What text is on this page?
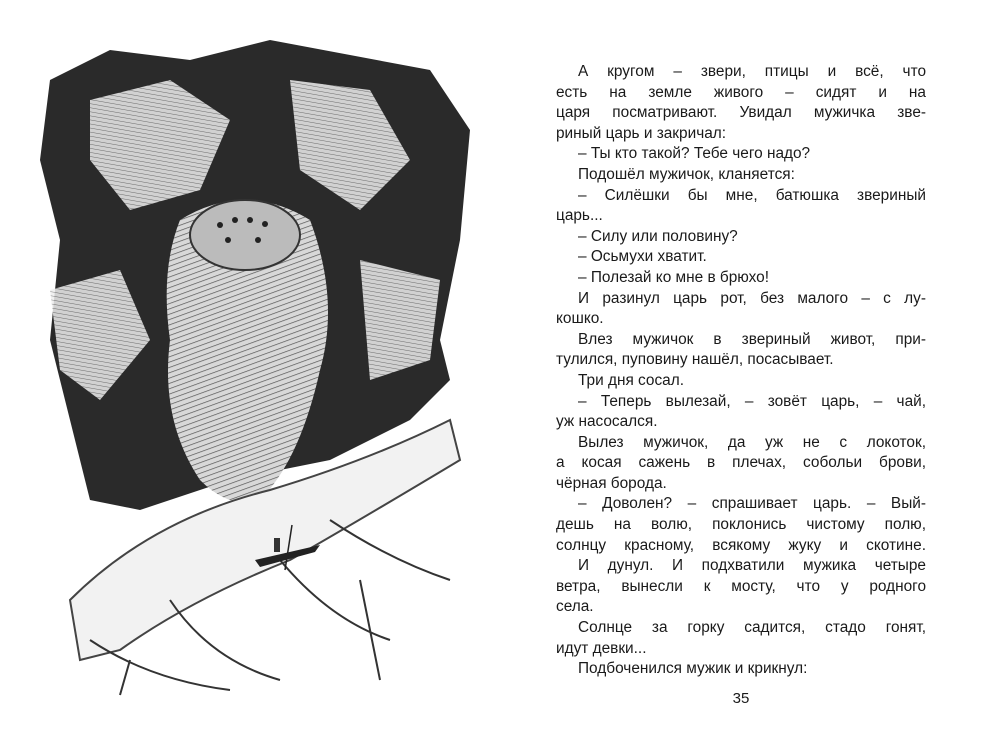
А кругом – звери, птицы и всё, что
есть на земле живого – сидят и на
царя посматривают. Увидал мужичка зве-
риный царь и закричал:
– Ты кто такой? Тебе чего надо?
Подошёл мужичок, кланяется:
– Силёшки бы мне, батюшка звериный
царь...
– Силу или половину?
– Осьмухи хватит.
– Полезай ко мне в брюхо!
И разинул царь рот, без малого – с лу-
кошко.
Влез мужичок в звериный живот, при-
тулился, пуповину нашёл, посасывает.
Три дня сосал.
– Теперь вылезай, – зовёт царь, – чай,
уж насосался.
Вылез мужичок, да уж не с локоток,
а косая сажень в плечах, собольи брови,
чёрная борода.
– Доволен? – спрашивает царь. – Вый-
дешь на волю, поклонись чистому полю,
солнцу красному, всякому жуку и скотине.
И дунул. И подхватили мужика четыре
ветра, вынесли к мосту, что у родного
села.
Солнце за горку садится, стадо гонят,
идут девки...
Подбоченился мужик и крикнул:
35
